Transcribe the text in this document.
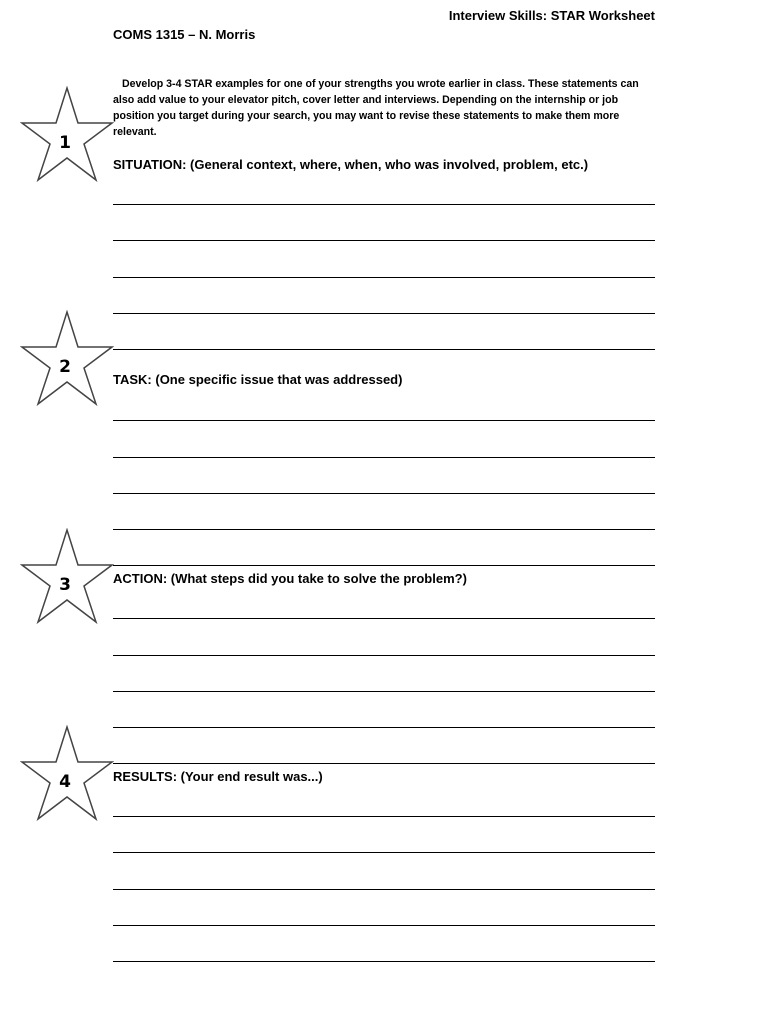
Interview Skills: STAR Worksheet
COMS 1315 – N. Morris

Develop 3-4 STAR examples for one of your strengths you wrote earlier in class. These statements can also add value to your elevator pitch, cover letter and interviews. Depending on the internship or job position you target during your search, you may want to revise these statements to make them more relevant.

1
SITUATION: (General context, where, when, who was involved, problem, etc.)
2
TASK: (One specific issue that was addressed)
3	ACTION: (What steps did you take to solve the problem?)
4	RESULTS: (Your end result was...)
